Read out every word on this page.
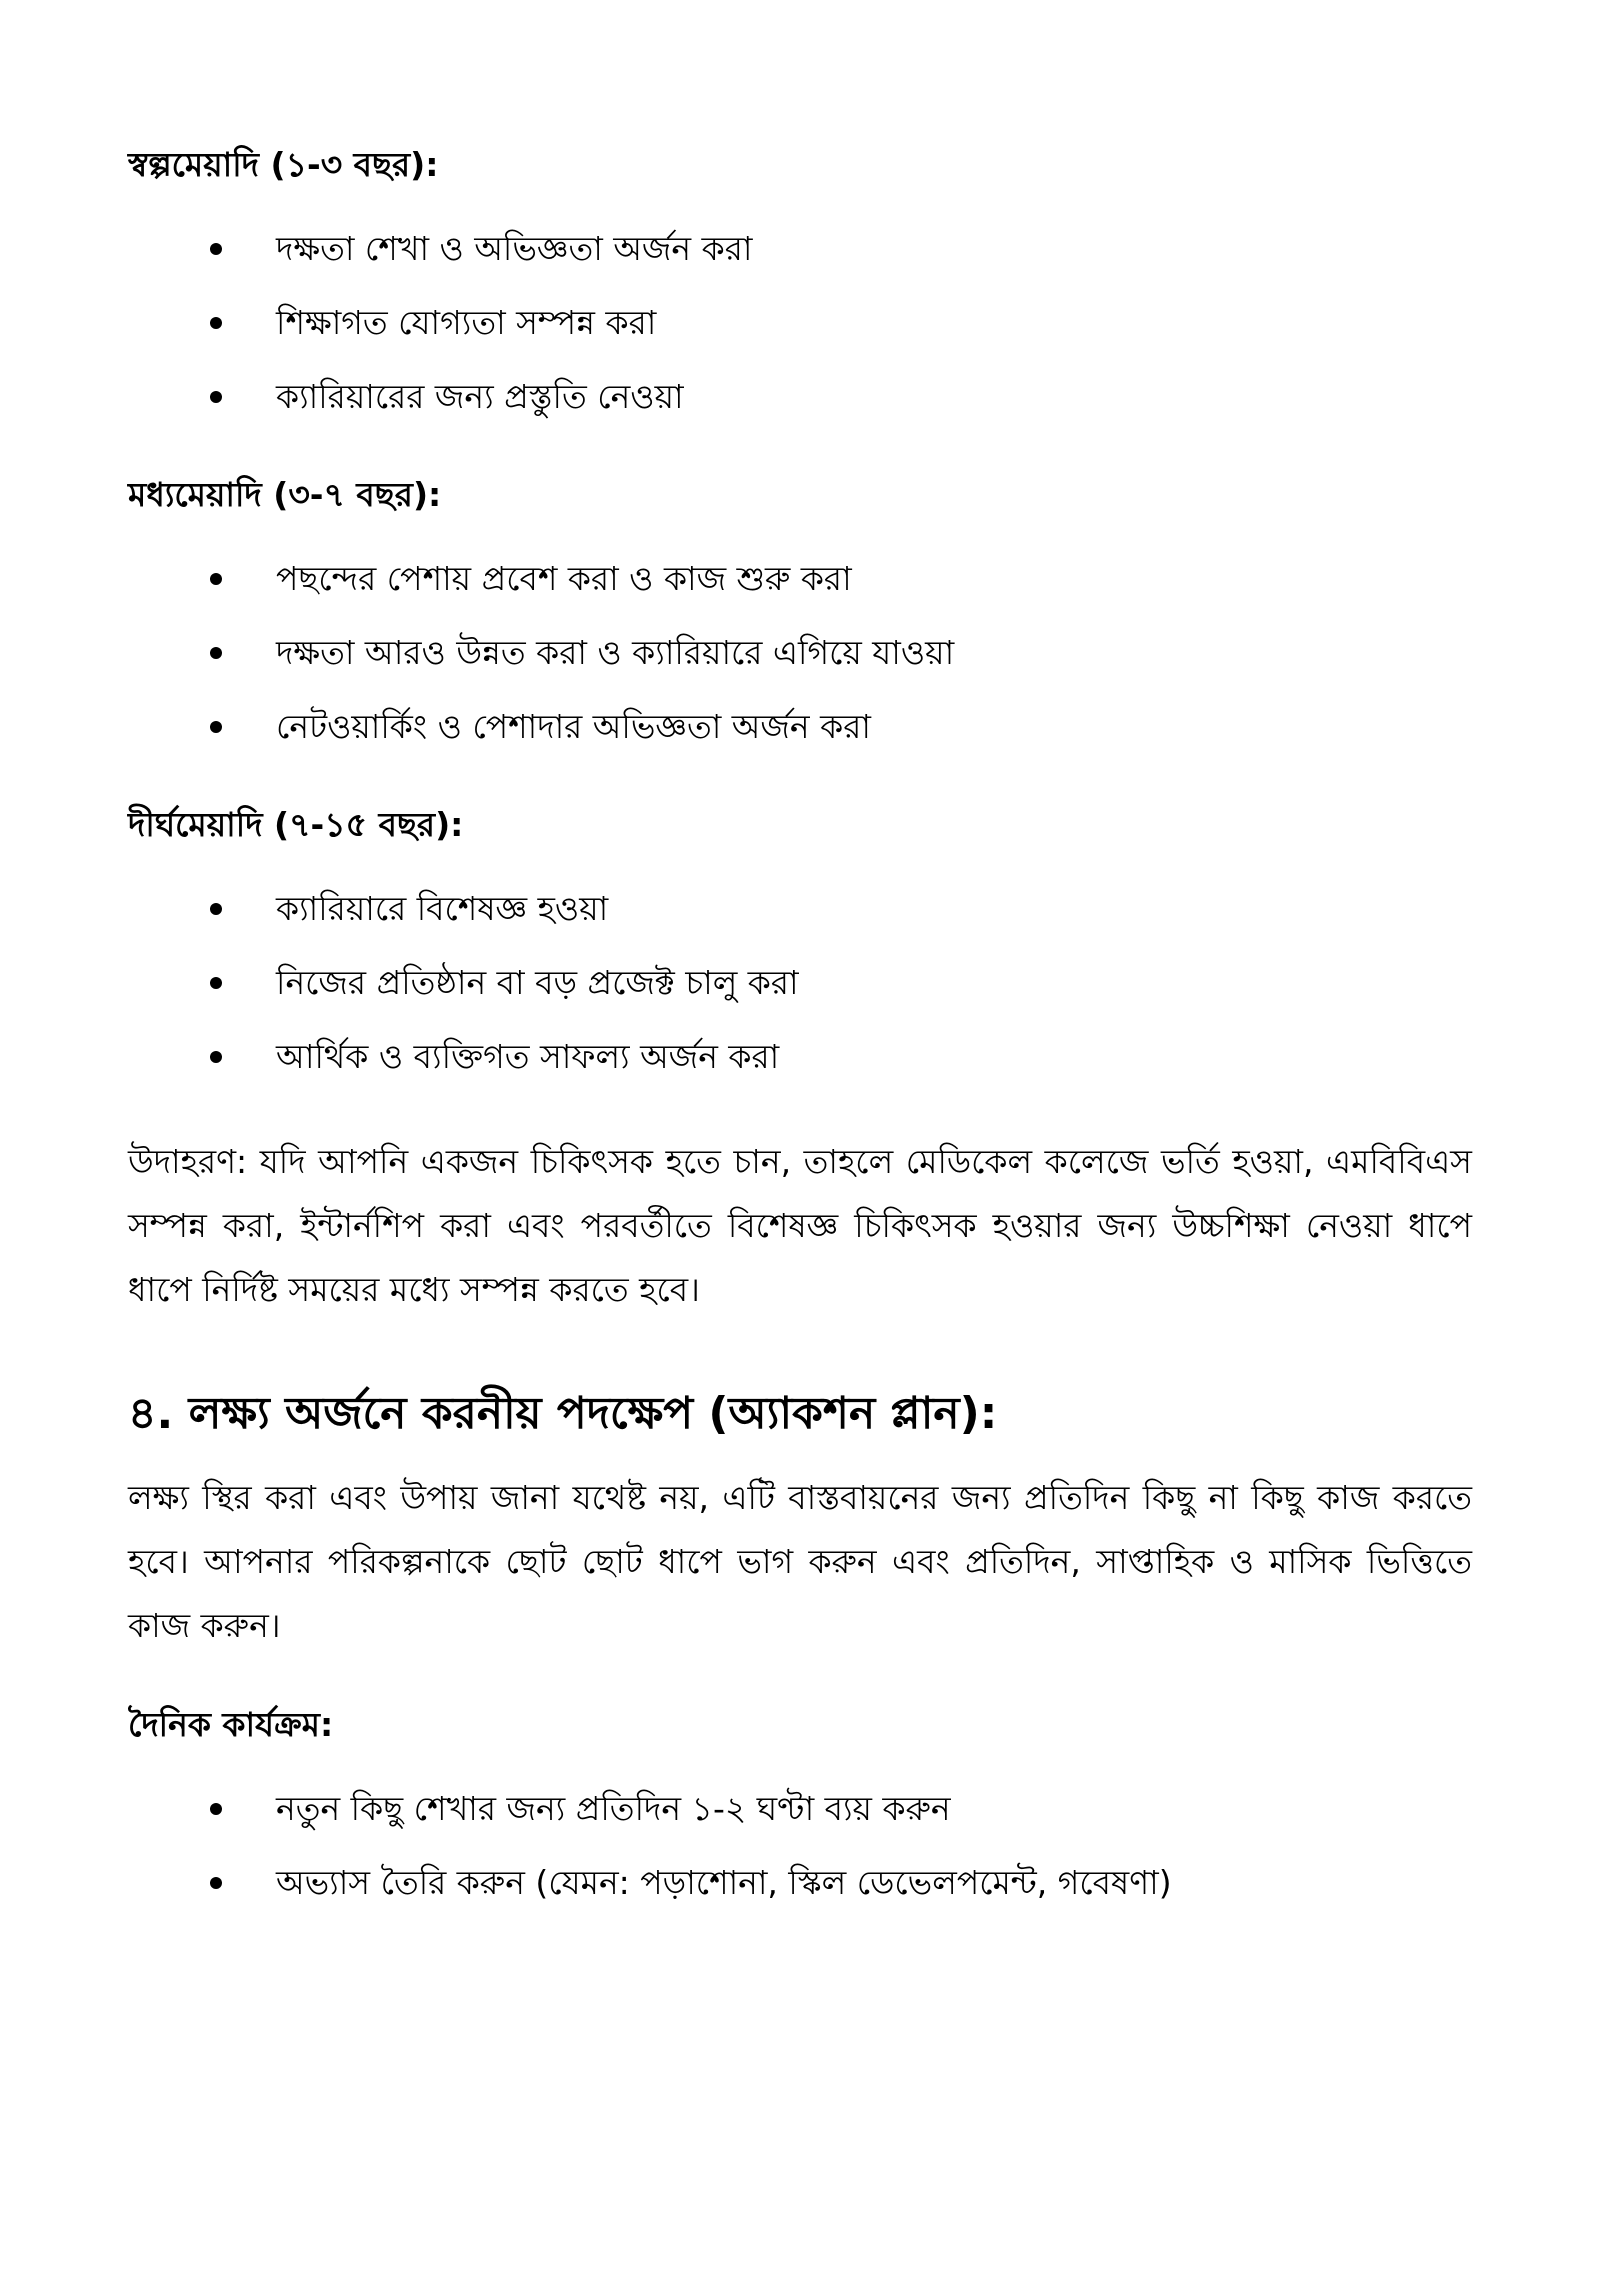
স্বল্পমেয়াদি (১-৩ বছর):

দক্ষতা শেখা ও অভিজ্ঞতা অর্জন করা
শিক্ষাগত যোগ্যতা সম্পন্ন করা
ক্যারিয়ারের জন্য প্রস্তুতি নেওয়া

মধ্যমেয়াদি (৩-৭ বছর):

পছন্দের পেশায় প্রবেশ করা ও কাজ শুরু করা
দক্ষতা আরও উন্নত করা ও ক্যারিয়ারে এগিয়ে যাওয়া
নেটওয়ার্কিং ও পেশাদার অভিজ্ঞতা অর্জন করা

দীর্ঘমেয়াদি (৭-১৫ বছর):

ক্যারিয়ারে বিশেষজ্ঞ হওয়া
নিজের প্রতিষ্ঠান বা বড় প্রজেক্ট চালু করা
আর্থিক ও ব্যক্তিগত সাফল্য অর্জন করা

উদাহরণ: যদি আপনি একজন চিকিৎসক হতে চান, তাহলে মেডিকেল কলেজে ভর্তি হওয়া, এমবিবিএস সম্পন্ন করা, ইন্টার্নশিপ করা এবং পরবর্তীতে বিশেষজ্ঞ চিকিৎসক হওয়ার জন্য উচ্চশিক্ষা নেওয়া ধাপে ধাপে নির্দিষ্ট সময়ের মধ্যে সম্পন্ন করতে হবে।

৪. লক্ষ্য অর্জনে করনীয় পদক্ষেপ (অ্যাকশন প্লান):

লক্ষ্য স্থির করা এবং উপায় জানা যথেষ্ট নয়, এটি বাস্তবায়নের জন্য প্রতিদিন কিছু না কিছু কাজ করতে হবে। আপনার পরিকল্পনাকে ছোট ছোট ধাপে ভাগ করুন এবং প্রতিদিন, সাপ্তাহিক ও মাসিক ভিত্তিতে কাজ করুন।

দৈনিক কার্যক্রম:

নতুন কিছু শেখার জন্য প্রতিদিন ১-২ ঘণ্টা ব্যয় করুন
অভ্যাস তৈরি করুন (যেমন: পড়াশোনা, স্কিল ডেভেলপমেন্ট, গবেষণা)
